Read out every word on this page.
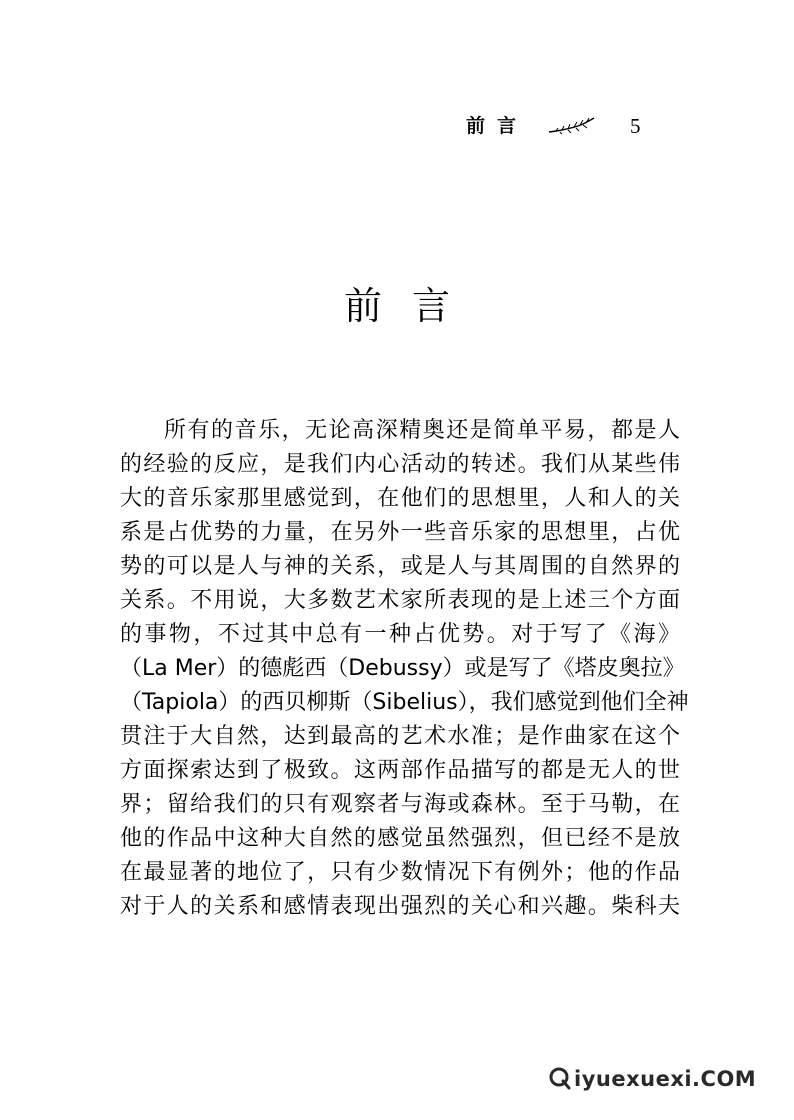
前言	5
前言
所有的音乐，无论高深精奥还是简单平易，都是人
的经验的反应，是我们内心活动的转述。我们从某些伟
大的音乐家那里感觉到，在他们的思想里，人和人的关
系是占优势的力量，在另外一些音乐家的思想里，占优
势的可以是人与神的关系，或是人与其周围的自然界的
关系。不用说，大多数艺术家所表现的是上述三个方面
的事物，不过其中总有一种占优势。对于写了《海》
（La Mer）的德彪西（Debussy）或是写了《塔皮奥拉》
（Tapiola）的西贝柳斯（Sibelius），我们感觉到他们全神
贯注于大自然，达到最高的艺术水准；是作曲家在这个
方面探索达到了极致。这两部作品描写的都是无人的世
界；留给我们的只有观察者与海或森林。至于马勒，在
他的作品中这种大自然的感觉虽然强烈，但已经不是放
在最显著的地位了，只有少数情况下有例外；他的作品
对于人的关系和感情表现出强烈的关心和兴趣。柴科夫
iyuexuexi.COM
